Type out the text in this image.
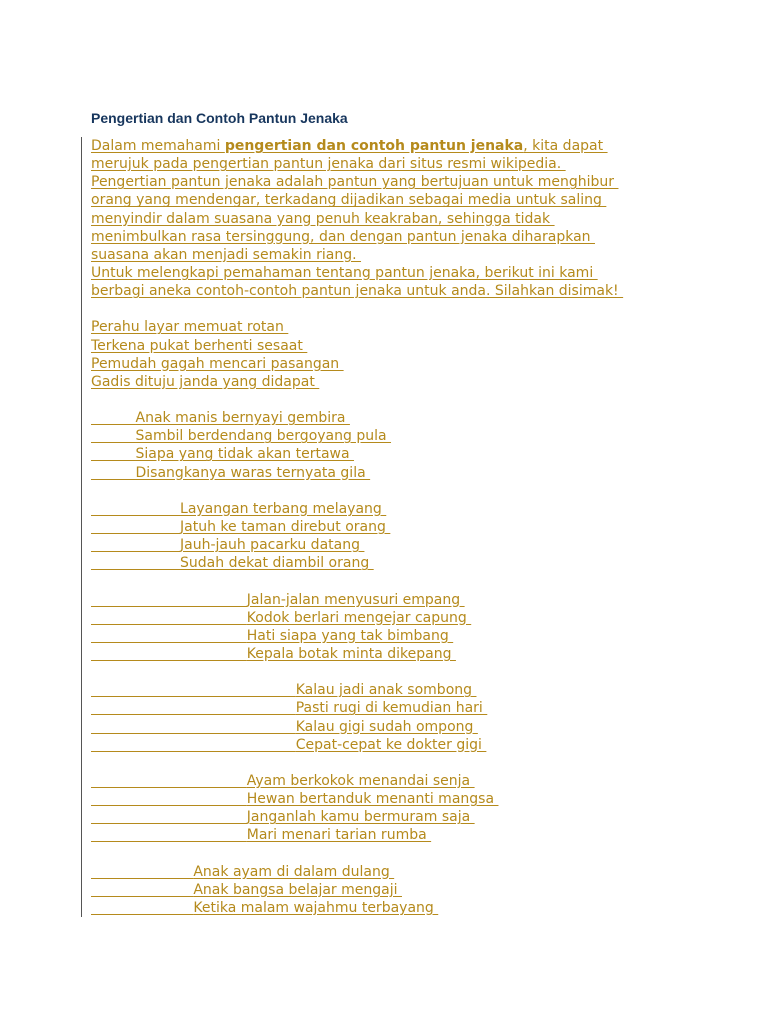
Pengertian dan Contoh Pantun Jenaka
Dalam memahami pengertian dan contoh pantun jenaka, kita dapat
merujuk pada pengertian pantun jenaka dari situs resmi wikipedia.
Pengertian pantun jenaka adalah pantun yang bertujuan untuk menghibur
orang yang mendengar, terkadang dijadikan sebagai media untuk saling
menyindir dalam suasana yang penuh keakraban, sehingga tidak
menimbulkan rasa tersinggung, dan dengan pantun jenaka diharapkan
suasana akan menjadi semakin riang.
Untuk melengkapi pemahaman tentang pantun jenaka, berikut ini kami
berbagi aneka contoh-contoh pantun jenaka untuk anda. Silahkan disimak!
Perahu layar memuat rotan
Terkena pukat berhenti sesaat
Pemudah gagah mencari pasangan
Gadis dituju janda yang didapat
Anak manis bernyayi gembira
Sambil berdendang bergoyang pula
Siapa yang tidak akan tertawa
Disangkanya waras ternyata gila
Layangan terbang melayang
Jatuh ke taman direbut orang
Jauh-jauh pacarku datang
Sudah dekat diambil orang
Jalan-jalan menyusuri empang
Kodok berlari mengejar capung
Hati siapa yang tak bimbang
Kepala botak minta dikepang
Kalau jadi anak sombong
Pasti rugi di kemudian hari
Kalau gigi sudah ompong
Cepat-cepat ke dokter gigi
Ayam berkokok menandai senja
Hewan bertanduk menanti mangsa
Janganlah kamu bermuram saja
Mari menari tarian rumba
Anak ayam di dalam dulang
Anak bangsa belajar mengaji
Ketika malam wajahmu terbayang
